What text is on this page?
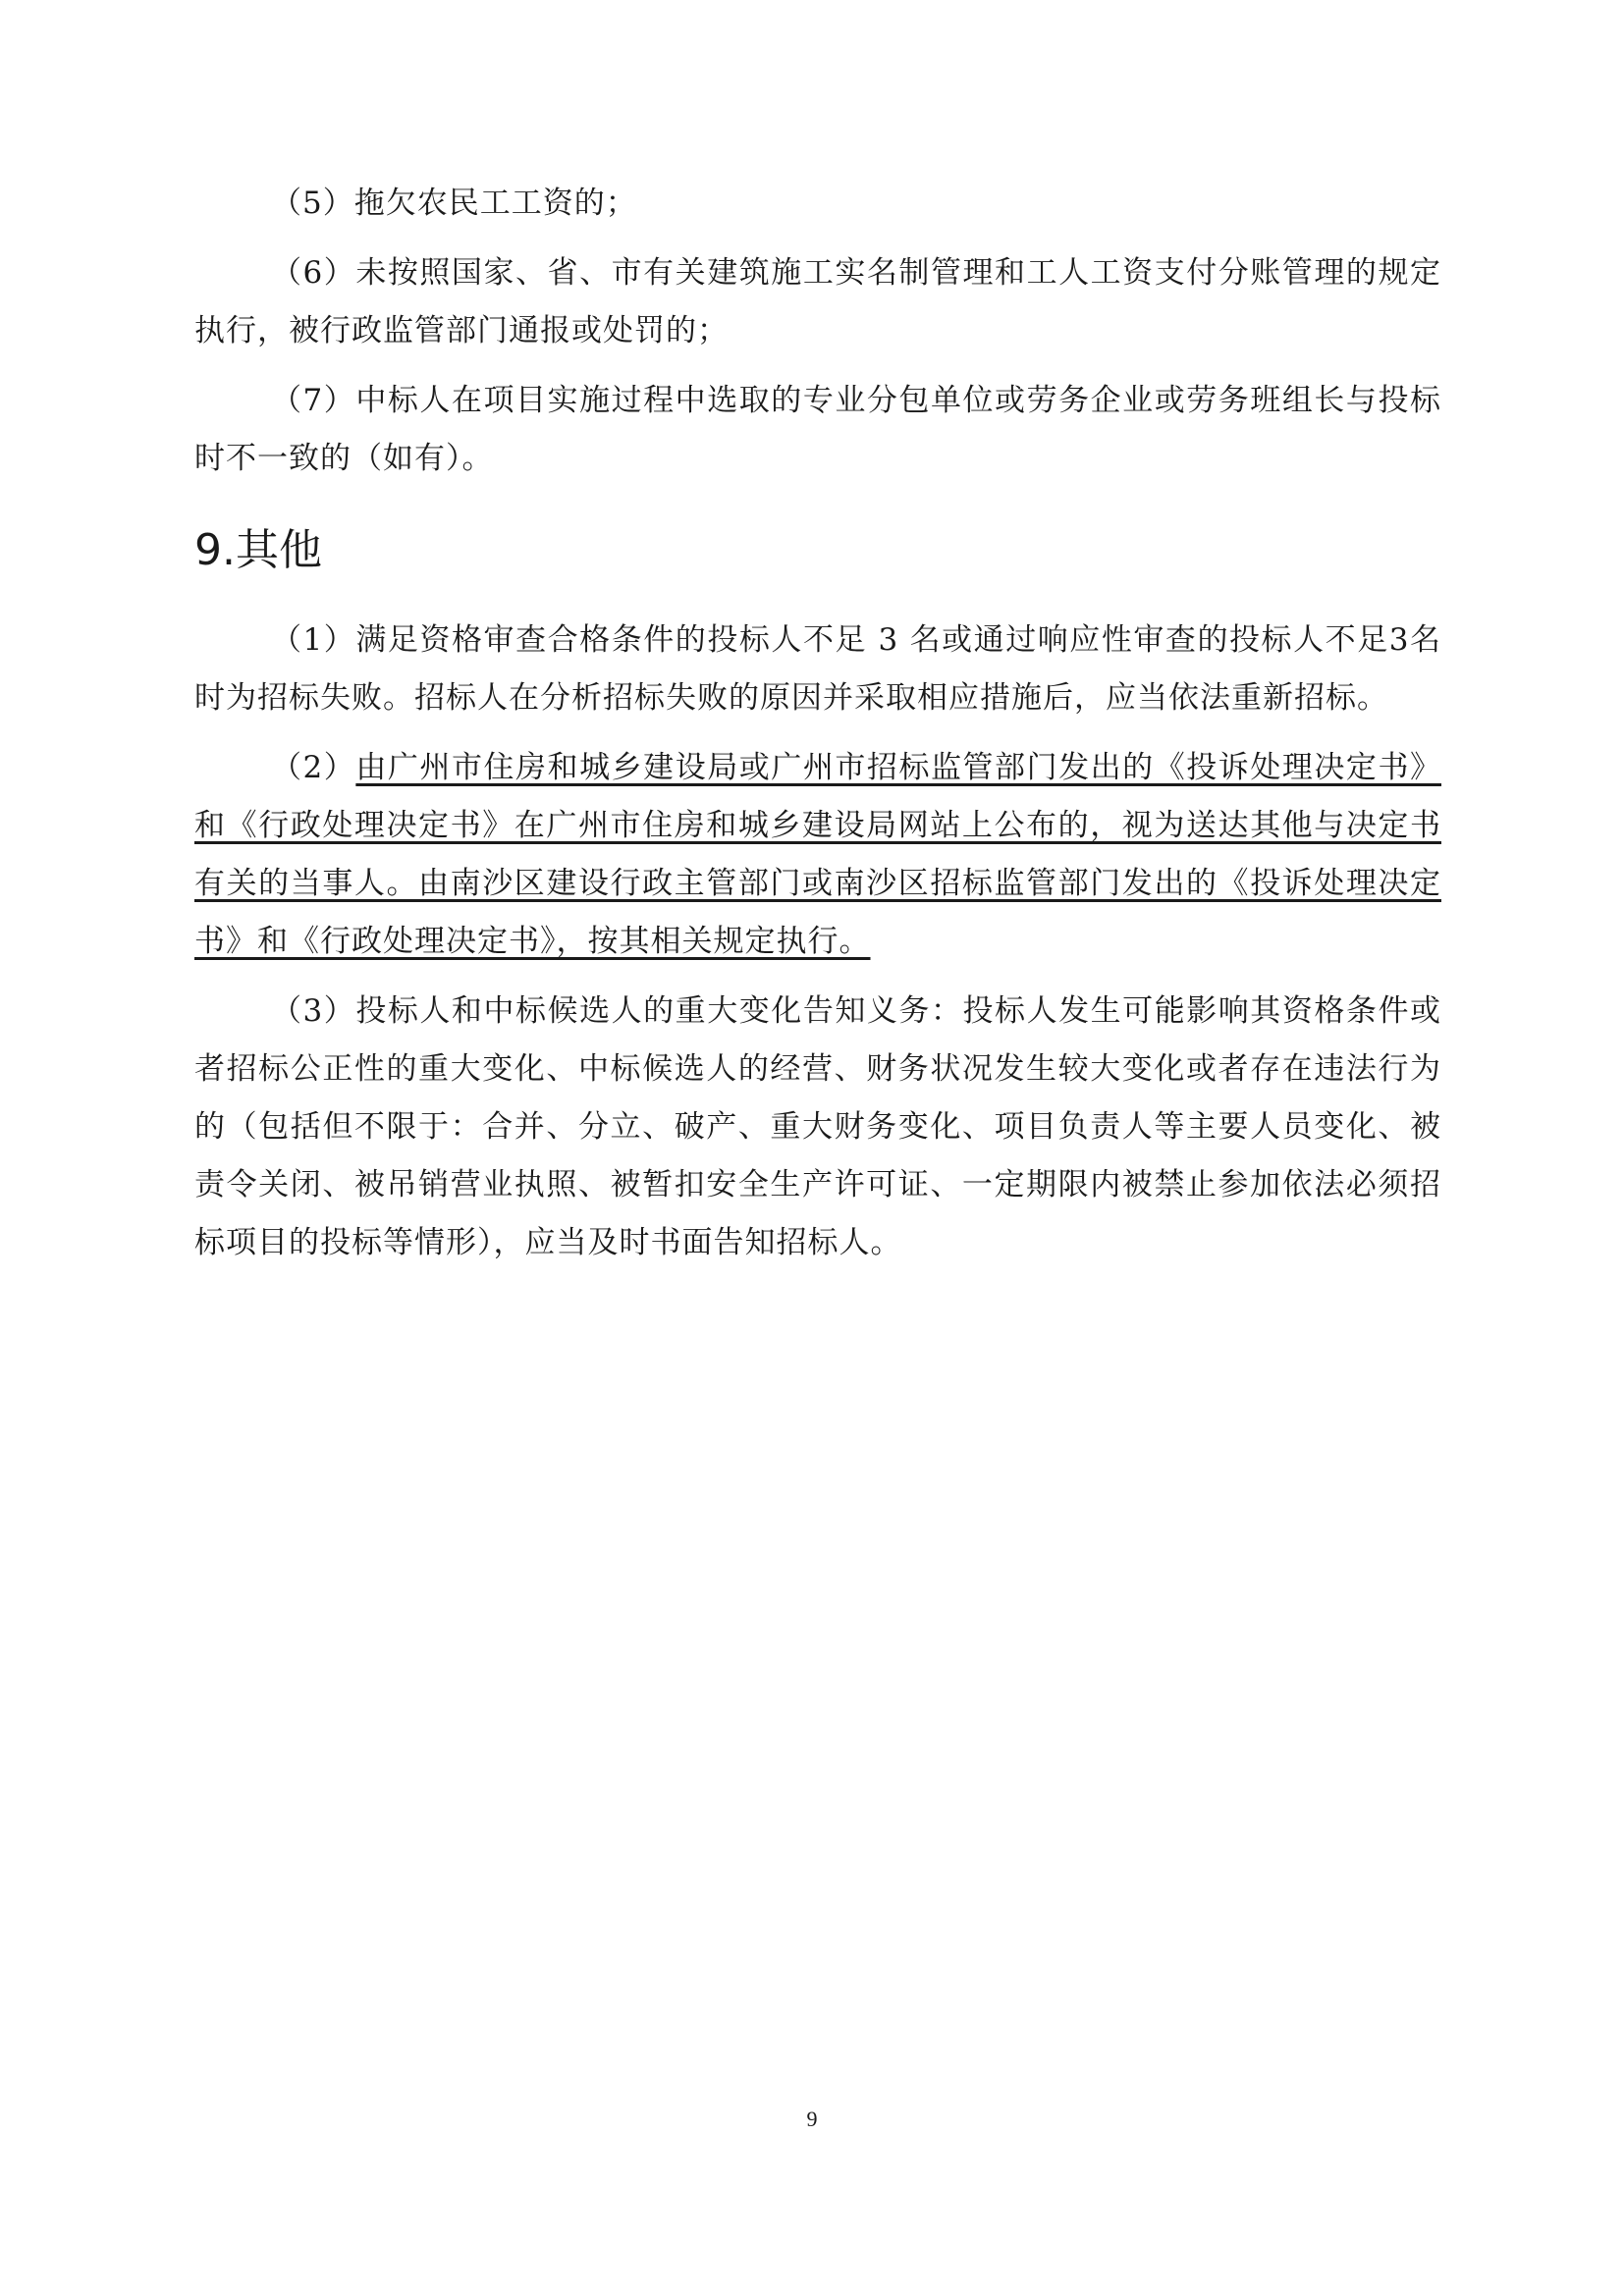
（5）拖欠农民工工资的；

（6）未按照国家、省、市有关建筑施工实名制管理和工人工资支付分账管理的规定执行，被行政监管部门通报或处罚的；

（7）中标人在项目实施过程中选取的专业分包单位或劳务企业或劳务班组长与投标时不一致的（如有）。

9.其他

（1）满足资格审查合格条件的投标人不足 3 名或通过响应性审查的投标人不足3名时为招标失败。招标人在分析招标失败的原因并采取相应措施后，应当依法重新招标。

（2）由广州市住房和城乡建设局或广州市招标监管部门发出的《投诉处理决定书》和《行政处理决定书》在广州市住房和城乡建设局网站上公布的，视为送达其他与决定书有关的当事人。由南沙区建设行政主管部门或南沙区招标监管部门发出的《投诉处理决定书》和《行政处理决定书》，按其相关规定执行。

（3）投标人和中标候选人的重大变化告知义务：投标人发生可能影响其资格条件或者招标公正性的重大变化、中标候选人的经营、财务状况发生较大变化或者存在违法行为的（包括但不限于：合并、分立、破产、重大财务变化、项目负责人等主要人员变化、被责令关闭、被吊销营业执照、被暂扣安全生产许可证、一定期限内被禁止参加依法必须招标项目的投标等情形），应当及时书面告知招标人。

9
